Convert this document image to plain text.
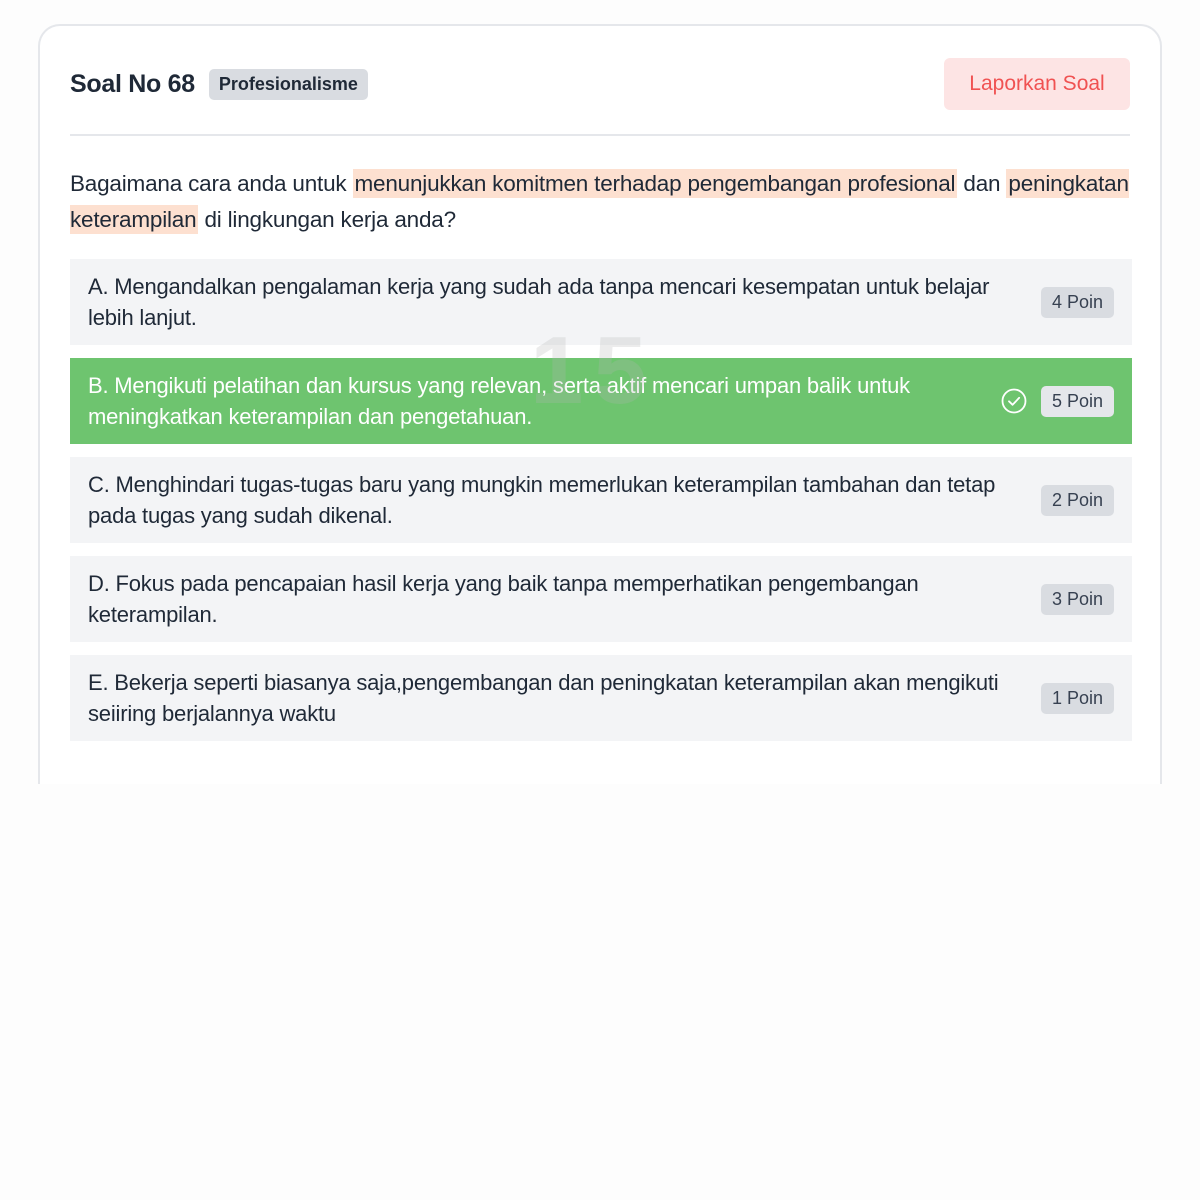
Soal No 68	Profesionalisme	Laporkan Soal
Bagaimana cara anda untuk menunjukkan komitmen terhadap pengembangan profesional dan peningkatan keterampilan di lingkungan kerja anda?
A. Mengandalkan pengalaman kerja yang sudah ada tanpa mencari kesempatan untuk belajar lebih lanjut.
4 Poin
B. Mengikuti pelatihan dan kursus yang relevan, serta aktif mencari umpan balik untuk meningkatkan keterampilan dan pengetahuan.
5 Poin
C. Menghindari tugas-tugas baru yang mungkin memerlukan keterampilan tambahan dan tetap pada tugas yang sudah dikenal.
2 Poin
D. Fokus pada pencapaian hasil kerja yang baik tanpa memperhatikan pengembangan keterampilan.
3 Poin
E. Bekerja seperti biasanya saja,pengembangan dan peningkatan keterampilan akan mengikuti seiiring berjalannya waktu
1 Poin
15
